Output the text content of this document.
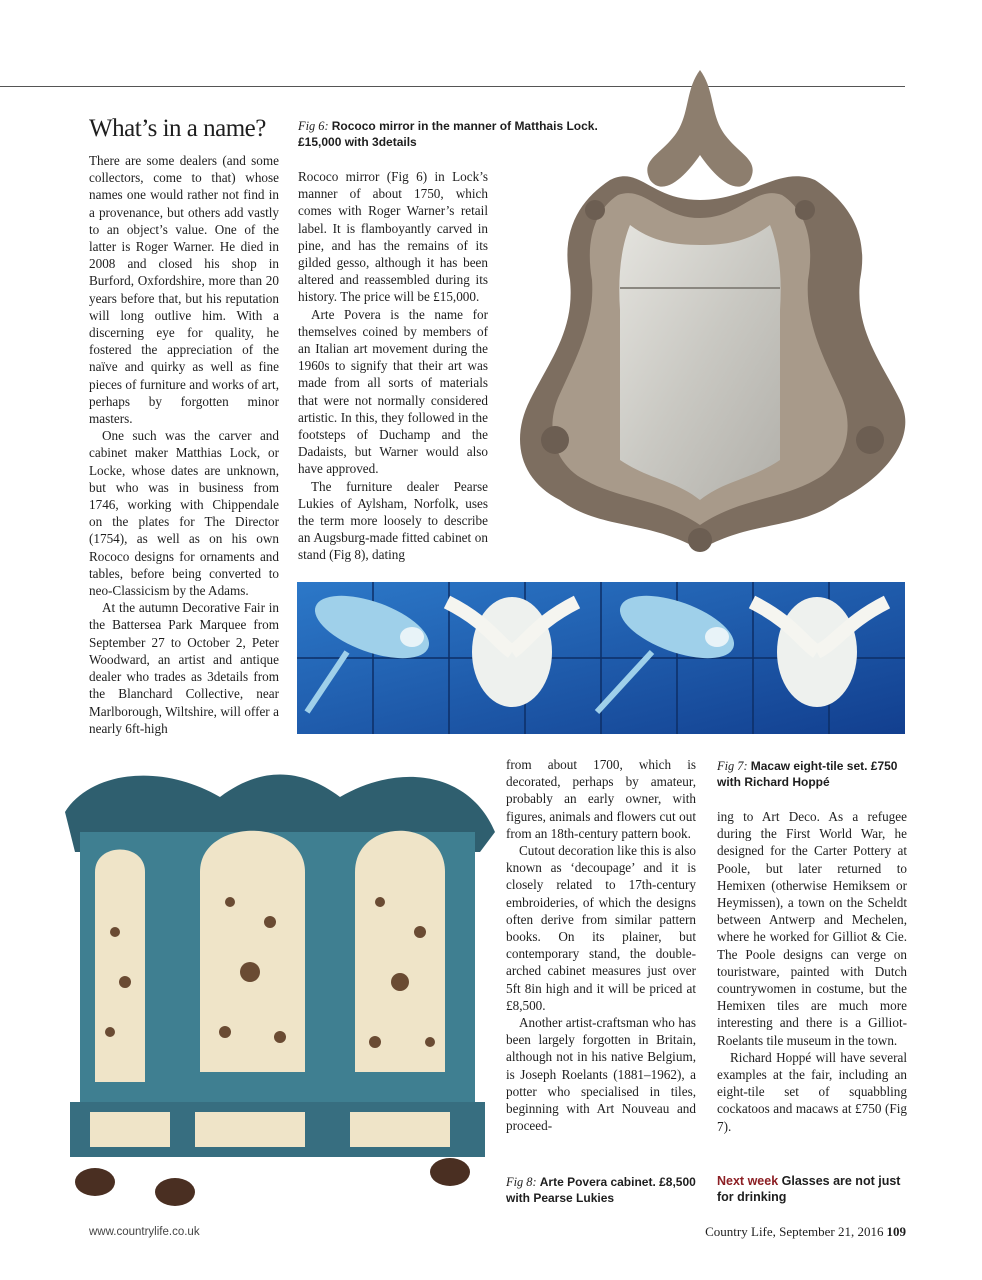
What’s in a name?	Fig 6: Rococo mirror in the manner of Matthais Lock. £15,000 with 3details

There are some dealers (and some collectors, come to that) whose names one would rather not find in a provenance, but others add vastly to an object’s value. One of the latter is Roger Warner. He died in 2008 and closed his shop in Burford, Oxfordshire, more than 20 years before that, but his reputation will long outlive him. With a discerning eye for quality, he fostered the appreciation of the naïve and quirky as well as fine pieces of furniture and works of art, perhaps by forgotten minor masters.

One such was the carver and cabinet maker Matthias Lock, or Locke, whose dates are unknown, but who was in business from 1746, working with Chippendale on the plates for The Director (1754), as well as on his own Rococo designs for ornaments and tables, before being converted to neo-Classicism by the Adams.

At the autumn Decorative Fair in the Battersea Park Marquee from September 27 to October 2, Peter Woodward, an artist and antique dealer who trades as 3details from the Blanchard Collective, near Marlborough, Wiltshire, will offer a nearly 6ft-high

Rococo mirror (Fig 6) in Lock’s manner of about 1750, which comes with Roger Warner’s retail label. It is flamboyantly carved in pine, and has the remains of its gilded gesso, although it has been altered and reassembled during its history. The price will be £15,000.

Arte Povera is the name for themselves coined by members of an Italian art movement during the 1960s to signify that their art was made from all sorts of materials that were not normally considered artistic. In this, they followed in the footsteps of Duchamp and the Dadaists, but Warner would also have approved.

The furniture dealer Pearse Lukies of Aylsham, Norfolk, uses the term more loosely to describe an Augsburg-made fitted cabinet on stand (Fig 8), dating

from about 1700, which is decorated, perhaps by amateur, probably an early owner, with figures, animals and flowers cut out from an 18th-century pattern book.

Cutout decoration like this is also known as ‘decoupage’ and it is closely related to 17th-century embroideries, of which the designs often derive from similar pattern books. On its plainer, but contemporary stand, the double-arched cabinet measures just over 5ft 8in high and it will be priced at £8,500.

Another artist-craftsman who has been largely forgotten in Britain, although not in his native Belgium, is Joseph Roelants (1881–1962), a potter who specialised in tiles, beginning with Art Nouveau and proceed-

Fig 7: Macaw eight-tile set. £750 with Richard Hoppé

ing to Art Deco. As a refugee during the First World War, he designed for the Carter Pottery at Poole, but later returned to Hemixen (otherwise Hemiksem or Heymissen), a town on the Scheldt between Antwerp and Mechelen, where he worked for Gilliot & Cie. The Poole designs can verge on touristware, painted with Dutch countrywomen in costume, but the Hemixen tiles are much more interesting and there is a Gilliot-Roelants tile museum in the town.

Richard Hoppé will have several examples at the fair, including an eight-tile set of squabbling cockatoos and macaws at £750 (Fig 7).

Fig 8: Arte Povera cabinet. £8,500 with Pearse Lukies
Next week Glasses are not just for drinking
www.countrylife.co.uk	Country Life, September 21, 2016 109
